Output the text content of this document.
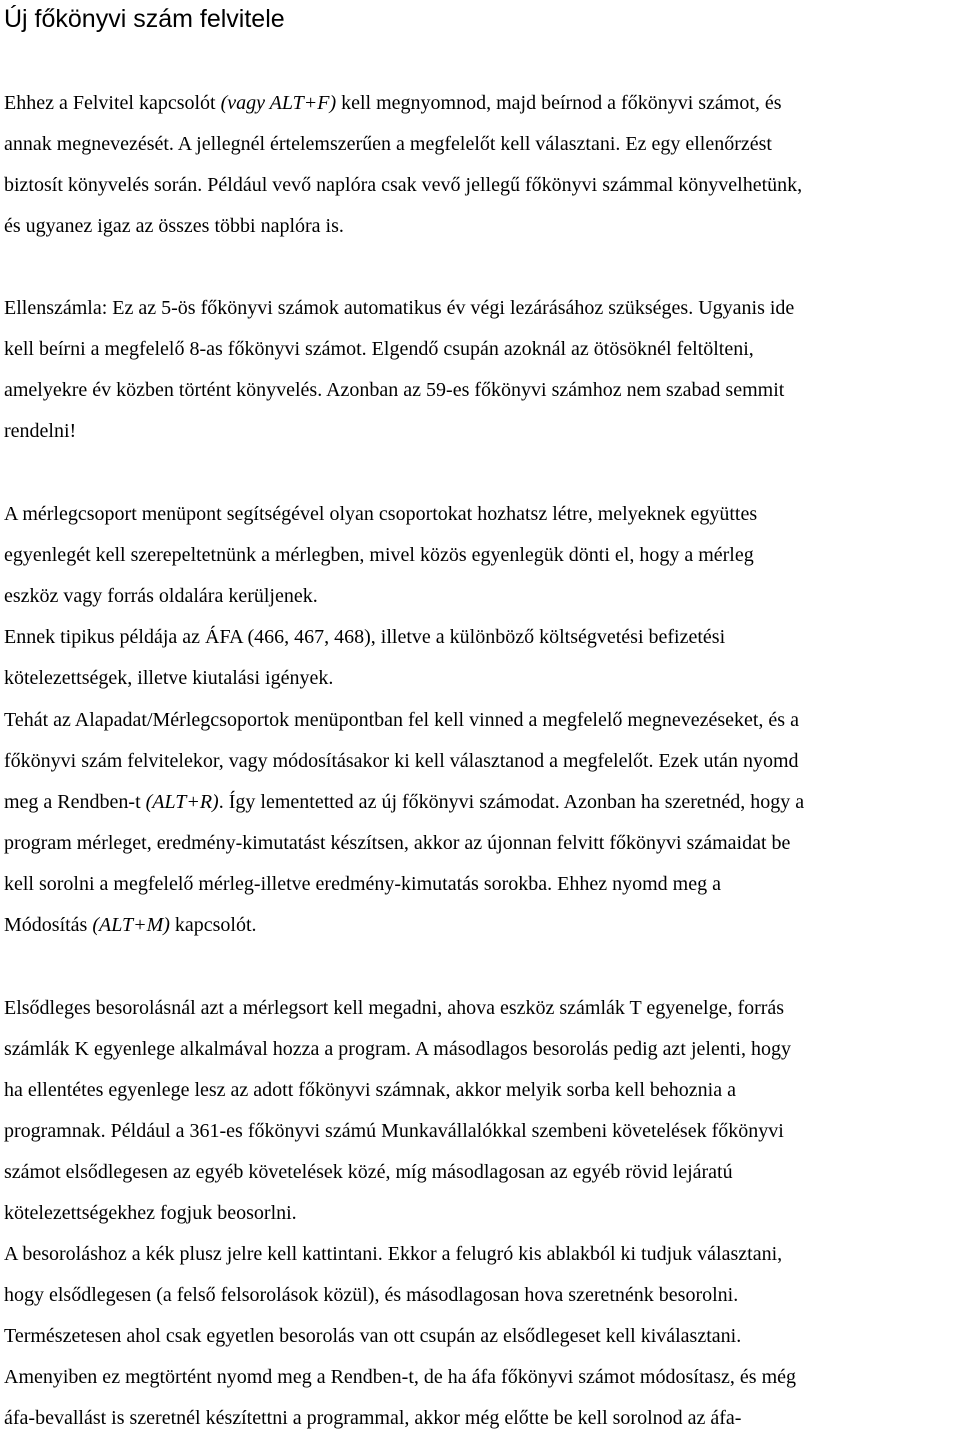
Új főkönyvi szám felvitele

Ehhez a Felvitel kapcsolót (vagy ALT+F) kell megnyomnod, majd beírnod a főkönyvi számot, és

annak megnevezését. A jellegnél értelemszerűen a megfelelőt kell választani. Ez egy ellenőrzést

biztosít könyvelés során. Például vevő naplóra csak vevő jellegű főkönyvi számmal könyvelhetünk,

és ugyanez igaz az összes többi naplóra is.

Ellenszámla: Ez az 5-ös főkönyvi számok automatikus év végi lezárásához szükséges. Ugyanis ide

kell beírni a megfelelő 8-as főkönyvi számot. Elgendő csupán azoknál az ötösöknél feltölteni,

amelyekre év közben történt könyvelés. Azonban az 59-es főkönyvi számhoz nem szabad semmit

rendelni!

A mérlegcsoport menüpont segítségével olyan csoportokat hozhatsz létre, melyeknek együttes

egyenlegét kell szerepeltetnünk a mérlegben, mivel közös egyenlegük dönti el, hogy a mérleg

eszköz vagy forrás oldalára kerüljenek.

Ennek tipikus példája az ÁFA (466, 467, 468), illetve a különböző költségvetési befizetési

kötelezettségek, illetve kiutalási igények.

Tehát az Alapadat/Mérlegcsoportok menüpontban fel kell vinned a megfelelő megnevezéseket, és a

főkönyvi szám felvitelekor, vagy módosításakor ki kell választanod a megfelelőt. Ezek után nyomd

meg a Rendben-t (ALT+R). Így lementetted az új főkönyvi számodat. Azonban ha szeretnéd, hogy a

program mérleget, eredmény-kimutatást készítsen, akkor az újonnan felvitt főkönyvi számaidat be

kell sorolni a megfelelő mérleg-illetve eredmény-kimutatás sorokba. Ehhez nyomd meg a

Módosítás (ALT+M) kapcsolót.

Elsődleges besorolásnál azt a mérlegsort kell megadni, ahova eszköz számlák T egyenelge, forrás

számlák K egyenlege alkalmával hozza a program. A másodlagos besorolás pedig azt jelenti, hogy

ha ellentétes egyenlege lesz az adott főkönyvi számnak, akkor melyik sorba kell behoznia a

programnak. Például a 361-es főkönyvi számú Munkavállalókkal szembeni követelések főkönyvi

számot elsődlegesen az egyéb követelések közé, míg másodlagosan az egyéb rövid lejáratú

kötelezettségekhez fogjuk beosorlni.

A besoroláshoz a kék plusz jelre kell kattintani. Ekkor a felugró kis ablakból ki tudjuk választani,

hogy elsődlegesen (a felső felsorolások közül), és másodlagosan hova szeretnénk besorolni.

Természetesen ahol csak egyetlen besorolás van ott csupán az elsődlegeset kell kiválasztani.

Amenyiben ez megtörtént nyomd meg a Rendben-t, de ha áfa főkönyvi számot módosítasz, és még

áfa-bevallást is szeretnél készítettni a programmal, akkor még előtte be kell sorolnod az áfa-
